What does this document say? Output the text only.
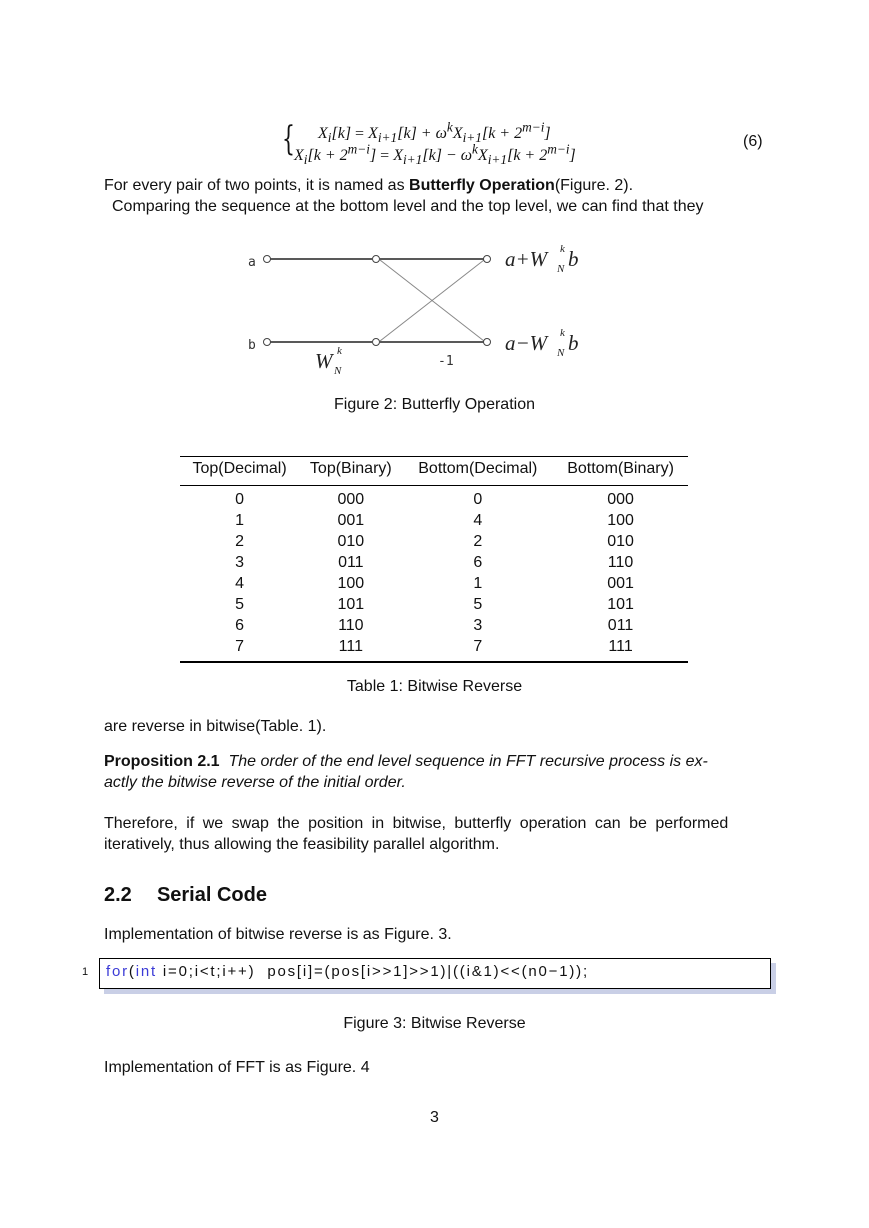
{ $X_i[k] = X_{i+1}[k] + \omega^kX_{i+1}[k + 2^{m-i}]$
$X_i[k + 2^{m-i}] = X_{i+1}[k] - \omega^kX_{i+1}[k + 2^{m-i}]$
(6)
For every pair of two points, it is named as Butterfly Operation(Figure. 2).
Comparing the sequence at the bottom level and the top level, we can find that they
a
b
a+W k
N b
a−W k
N b
W k
N
-1
Figure 2: Butterfly Operation
Top(Decimal)	Top(Binary)	Bottom(Decimal)	Bottom(Binary)
0	000	0	000
1	001	4	100
2	010	2	010
3	011	6	110
4	100	1	001
5	101	5	101
6	110	3	011
7	111	7	111
Table 1: Bitwise Reverse
are reverse in bitwise(Table. 1).
Proposition 2.1 The order of the end level sequence in FFT recursive process is ex-
actly the bitwise reverse of the initial order.
Therefore, if we swap the position in bitwise, butterfly operation can be performed
iteratively, thus allowing the feasibility parallel algorithm.
2.2 Serial Code
Implementation of bitwise reverse is as Figure. 3.
1 for(int i=0;i<t;i++)  pos[i]=(pos[i>>1]>>1)|((i&1)<<(n0−1));
Figure 3: Bitwise Reverse
Implementation of FFT is as Figure. 4
3
